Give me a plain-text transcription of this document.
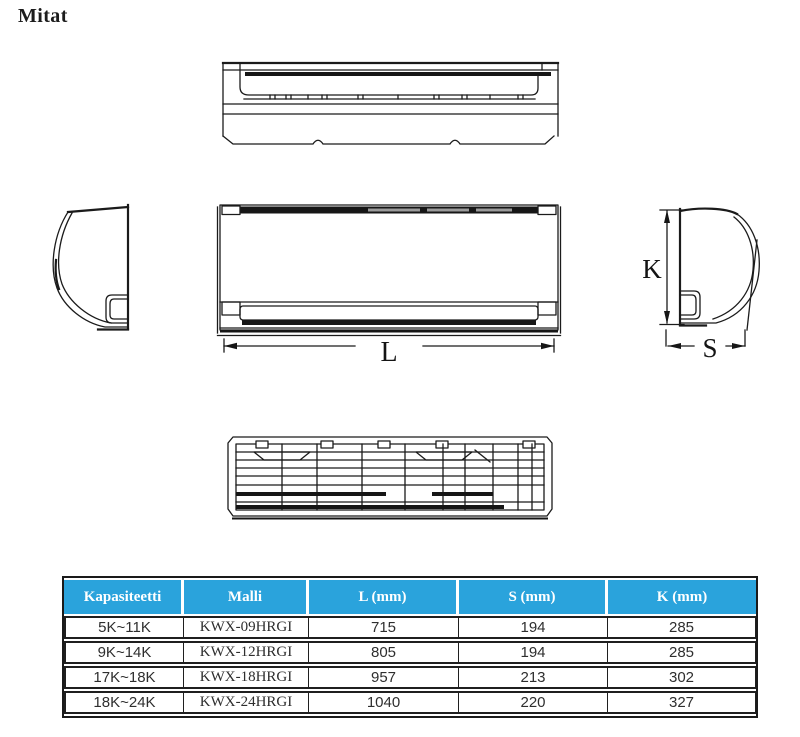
Mitat
L
K
S
Kapasiteetti	Malli	L (mm)	S (mm)	K (mm)
5K~11K	KWX-09HRGI	715	194	285
9K~14K	KWX-12HRGI	805	194	285
17K~18K	KWX-18HRGI	957	213	302
18K~24K	KWX-24HRGI	1040	220	327
